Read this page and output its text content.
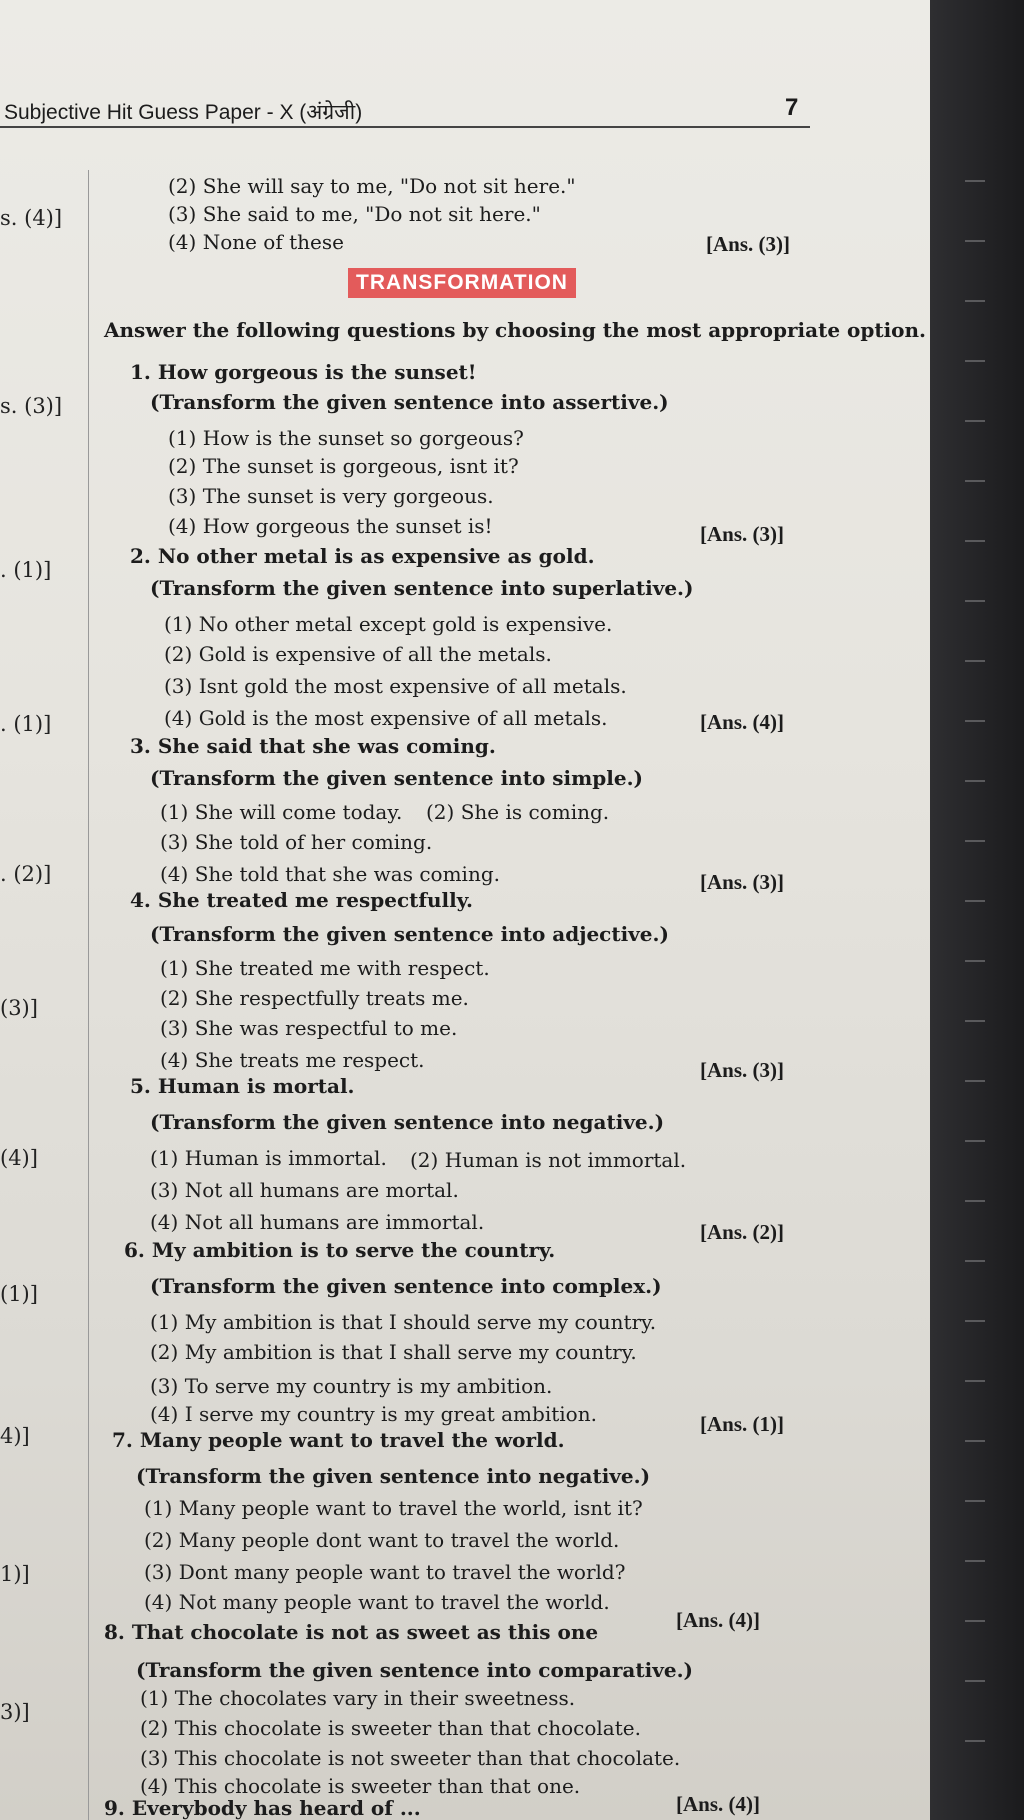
Subjective Hit Guess Paper - X (अंग्रेजी)	7
s. (4)]
s. (3)]
. (1)]
. (1)]
. (2)]
(3)]
(4)]
(1)]
4)]
1)]
3)]
(2) She will say to me, "Do not sit here."
(3) She said to me, "Do not sit here."
(4) None of these	[Ans. (3)]
TRANSFORMATION
Answer the following questions by choosing the most appropriate option.
1. How gorgeous is the sunset!
(Transform the given sentence into assertive.)
(1) How is the sunset so gorgeous?
(2) The sunset is gorgeous, isnt it?
(3) The sunset is very gorgeous.
(4) How gorgeous the sunset is!	[Ans. (3)]
2. No other metal is as expensive as gold.
(Transform the given sentence into superlative.)
(1) No other metal except gold is expensive.
(2) Gold is expensive of all the metals.
(3) Isnt gold the most expensive of all metals.
(4) Gold is the most expensive of all metals.	[Ans. (4)]
3. She said that she was coming.
(Transform the given sentence into simple.)
(1) She will come today. (2) She is coming.
(3) She told of her coming.
(4) She told that she was coming.	[Ans. (3)]
4. She treated me respectfully.
(Transform the given sentence into adjective.)
(1) She treated me with respect.
(2) She respectfully treats me.
(3) She was respectful to me.
(4) She treats me respect.	[Ans. (3)]
5. Human is mortal.
(Transform the given sentence into negative.)
(1) Human is immortal. (2) Human is not immortal.
(3) Not all humans are mortal.
(4) Not all humans are immortal.	[Ans. (2)]
6. My ambition is to serve the country.
(Transform the given sentence into complex.)
(1) My ambition is that I should serve my country.
(2) My ambition is that I shall serve my country.
(3) To serve my country is my ambition.
(4) I serve my country is my great ambition.	[Ans. (1)]
7. Many people want to travel the world.
(Transform the given sentence into negative.)
(1) Many people want to travel the world, isnt it?
(2) Many people dont want to travel the world.
(3) Dont many people want to travel the world?
(4) Not many people want to travel the world.
[Ans. (4)]
8. That chocolate is not as sweet as this one
(Transform the given sentence into comparative.)
(1) The chocolates vary in their sweetness.
(2) This chocolate is sweeter than that chocolate.
(3) This chocolate is not sweeter than that chocolate.
(4) This chocolate is sweeter than that one.
[Ans. (4)]
9. Everybody has heard of ...
